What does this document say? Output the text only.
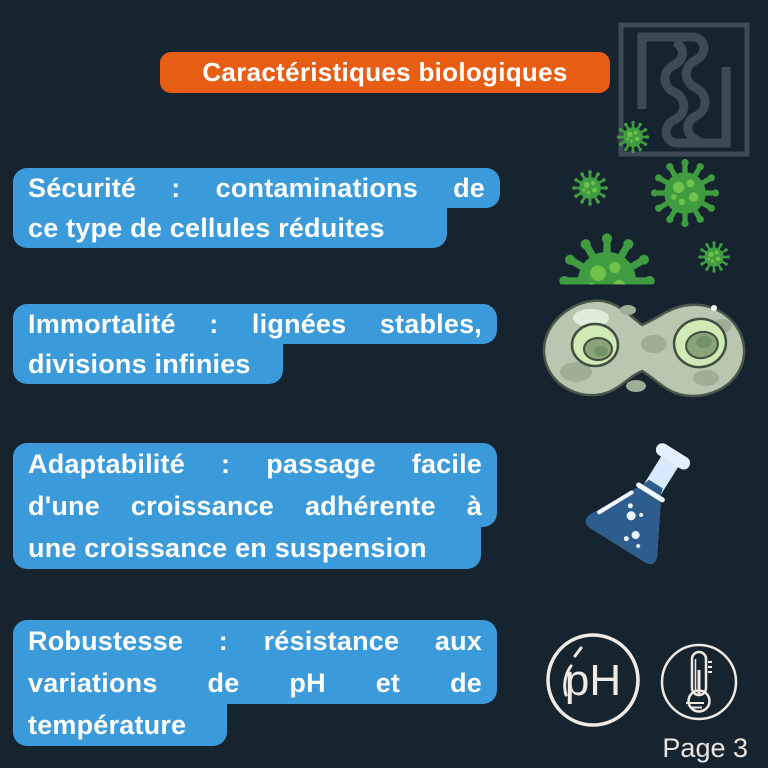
Caractéristiques biologiques
Sécurité : contaminations de
ce type de cellules réduites
Immortalité : lignées stables,
divisions infinies
Adaptabilité : passage facile
d'une croissance adhérente à
une croissance en suspension
Robustesse : résistance aux
variations de pH et de
température
pH
Page 3
